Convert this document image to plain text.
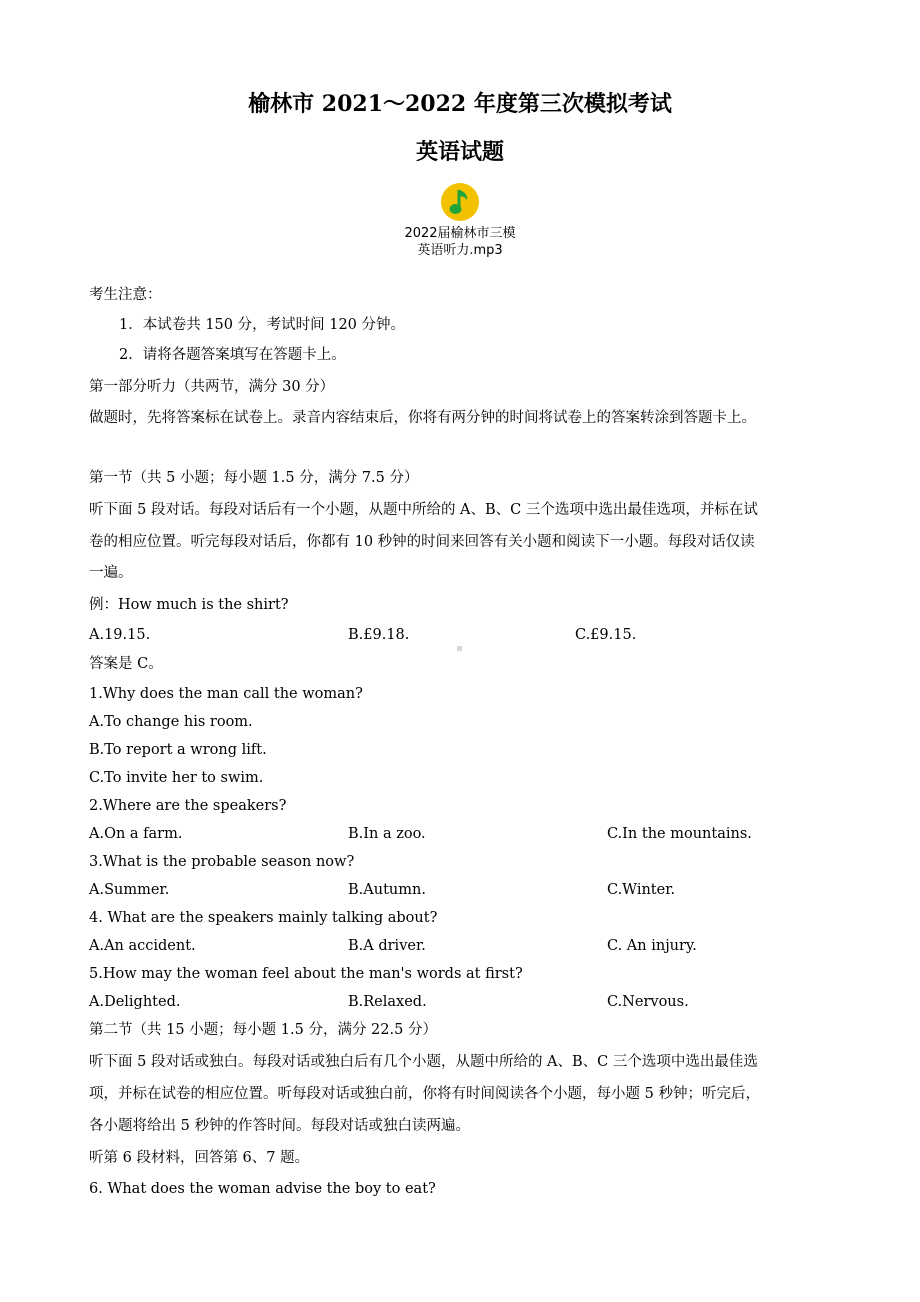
榆林市 2021～2022 年度第三次模拟考试
英语试题
2022届榆林市三模
英语听力.mp3
考生注意：
1．本试卷共 150 分，考试时间 120 分钟。
2．请将各题答案填写在答题卡上。
第一部分听力（共两节，满分 30 分）
做题时，先将答案标在试卷上。录音内容结束后，你将有两分钟的时间将试卷上的答案转涂到答题卡上。
第一节（共 5 小题；每小题 1.5 分，满分 7.5 分）
听下面 5 段对话。每段对话后有一个小题，从题中所给的 A、B、C 三个选项中选出最佳选项，并标在试
卷的相应位置。听完每段对话后，你都有 10 秒钟的时间来回答有关小题和阅读下一小题。每段对话仅读
一遍。
例：How much is the shirt?
A.19.15.	B.£9.18.	C.£9.15.
答案是 C。
1.Why does the man call the woman?
A.To change his room.
B.To report a wrong lift.
C.To invite her to swim.
2.Where are the speakers?
A.On a farm.	B.In a zoo.	C.In the mountains.
3.What is the probable season now?
A.Summer.	B.Autumn.	C.Winter.
4. What are the speakers mainly talking about?
A.An accident.	B.A driver.	C. An injury.
5.How may the woman feel about the man's words at first?
A.Delighted.	B.Relaxed.	C.Nervous.
第二节（共 15 小题；每小题 1.5 分，满分 22.5 分）
听下面 5 段对话或独白。每段对话或独白后有几个小题，从题中所给的 A、B、C 三个选项中选出最佳选
项，并标在试卷的相应位置。听每段对话或独白前，你将有时间阅读各个小题，每小题 5 秒钟；听完后，
各小题将给出 5 秒钟的作答时间。每段对话或独白读两遍。
听第 6 段材料，回答第 6、7 题。
6. What does the woman advise the boy to eat?
